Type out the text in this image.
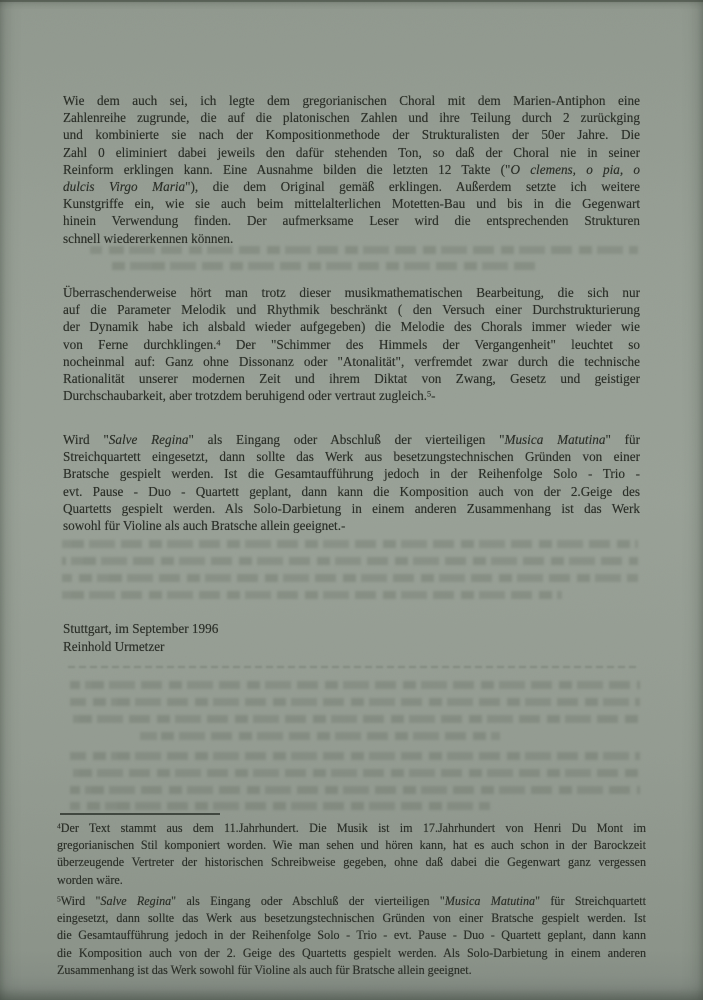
Wie dem auch sei, ich legte dem gregorianischen Choral mit dem Marien-Antiphon eine
Zahlenreihe zugrunde, die auf die platonischen Zahlen und ihre Teilung durch 2 zurückging
und kombinierte sie nach der Kompositionmethode der Strukturalisten der 50er Jahre. Die
Zahl 0 eliminiert dabei jeweils den dafür stehenden Ton, so daß der Choral nie in seiner
Reinform erklingen kann. Eine Ausnahme bilden die letzten 12 Takte ("O clemens, o pia, o
dulcis Virgo Maria"), die dem Original gemäß erklingen. Außerdem setzte ich weitere
Kunstgriffe ein, wie sie auch beim mittelalterlichen Motetten-Bau und bis in die Gegenwart
hinein Verwendung finden. Der aufmerksame Leser wird die entsprechenden Strukturen
schnell wiedererkennen können.
Überraschenderweise hört man trotz dieser musikmathematischen Bearbeitung, die sich nur
auf die Parameter Melodik und Rhythmik beschränkt ( den Versuch einer Durchstrukturierung
der Dynamik habe ich alsbald wieder aufgegeben) die Melodie des Chorals immer wieder wie
von Ferne durchklingen.$^4$ Der "Schimmer des Himmels der Vergangenheit" leuchtet so
nocheinmal auf: Ganz ohne Dissonanz oder "Atonalität", verfremdet zwar durch die technische
Rationalität unserer modernen Zeit und ihrem Diktat von Zwang, Gesetz und geistiger
Durchschaubarkeit, aber trotzdem beruhigend oder vertraut zugleich.$^5$-
Wird "Salve Regina" als Eingang oder Abschluß der vierteiligen "Musica Matutina" für
Streichquartett eingesetzt, dann sollte das Werk aus besetzungstechnischen Gründen von einer
Bratsche gespielt werden. Ist die Gesamtaufführung jedoch in der Reihenfolge Solo - Trio -
evt. Pause - Duo - Quartett geplant, dann kann die Komposition auch von der 2.Geige des
Quartetts gespielt werden. Als Solo-Darbietung in einem anderen Zusammenhang ist das Werk
sowohl für Violine als auch Bratsche allein geeignet.-
Stuttgart, im September 1996
Reinhold Urmetzer
$^4$Der Text stammt aus dem 11.Jahrhundert. Die Musik ist im 17.Jahrhundert von Henri Du Mont im
gregorianischen Stil komponiert worden. Wie man sehen und hören kann, hat es auch schon in der Barockzeit
überzeugende Vertreter der historischen Schreibweise gegeben, ohne daß dabei die Gegenwart ganz vergessen
worden wäre.
$^5$Wird "Salve Regina" als Eingang oder Abschluß der vierteiligen "Musica Matutina" für Streichquartett
eingesetzt, dann sollte das Werk aus besetzungstechnischen Gründen von einer Bratsche gespielt werden. Ist
die Gesamtaufführung jedoch in der Reihenfolge Solo - Trio - evt. Pause - Duo - Quartett geplant, dann kann
die Komposition auch von der 2. Geige des Quartetts gespielt werden. Als Solo-Darbietung in einem anderen
Zusammenhang ist das Werk sowohl für Violine als auch für Bratsche allein geeignet.
